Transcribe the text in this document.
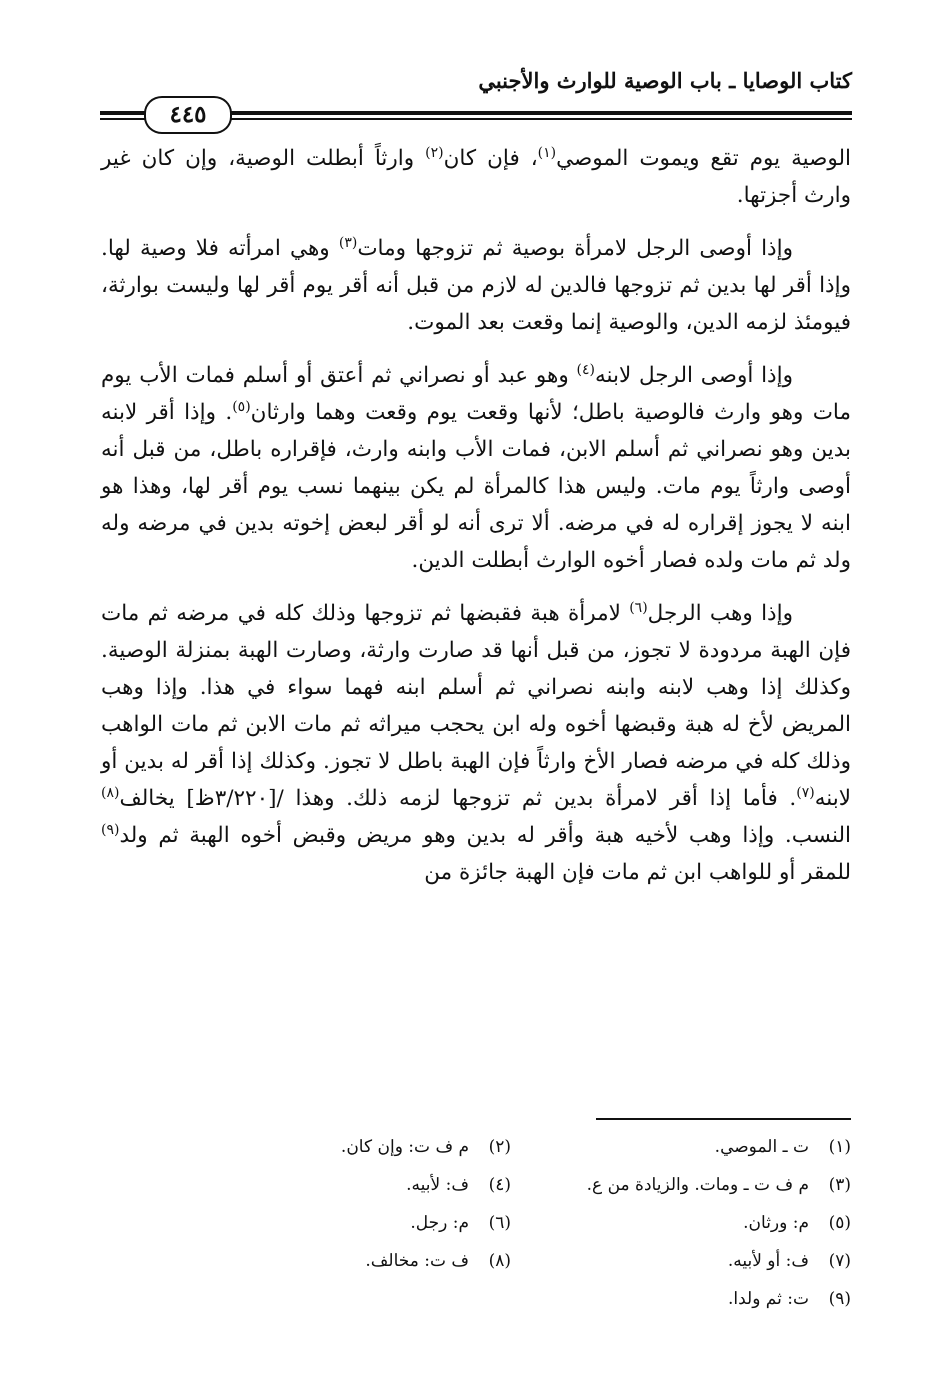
كتاب الوصايا ـ باب الوصية للوارث والأجنبي
٤٤٥

الوصية يوم تقع ويموت الموصي$^{(١)}$، فإن كان$^{(٢)}$ وارثاً أبطلت الوصية، وإن كان غير وارث أجزتها.

وإذا أوصى الرجل لامرأة بوصية ثم تزوجها ومات$^{(٣)}$ وهي امرأته فلا وصية لها. وإذا أقر لها بدين ثم تزوجها فالدين له لازم من قبل أنه أقر يوم أقر لها وليست بوارثة، فيومئذ لزمه الدين، والوصية إنما وقعت بعد الموت.

وإذا أوصى الرجل لابنه$^{(٤)}$ وهو عبد أو نصراني ثم أعتق أو أسلم فمات الأب يوم مات وهو وارث فالوصية باطل؛ لأنها وقعت يوم وقعت وهما وارثان$^{(٥)}$. وإذا أقر لابنه بدين وهو نصراني ثم أسلم الابن، فمات الأب وابنه وارث، فإقراره باطل، من قبل أنه أوصى وارثاً يوم مات. وليس هذا كالمرأة لم يكن بينهما نسب يوم أقر لها، وهذا هو ابنه لا يجوز إقراره له في مرضه. ألا ترى أنه لو أقر لبعض إخوته بدين في مرضه وله ولد ثم مات ولده فصار أخوه الوارث أبطلت الدين.

وإذا وهب الرجل$^{(٦)}$ لامرأة هبة فقبضها ثم تزوجها وذلك كله في مرضه ثم مات فإن الهبة مردودة لا تجوز، من قبل أنها قد صارت وارثة، وصارت الهبة بمنزلة الوصية. وكذلك إذا وهب لابنه وابنه نصراني ثم أسلم ابنه فهما سواء في هذا. وإذا وهب المريض لأخ له هبة وقبضها أخوه وله ابن يحجب ميراثه ثم مات الابن ثم مات الواهب وذلك كله في مرضه فصار الأخ وارثاً فإن الهبة باطل لا تجوز. وكذلك إذا أقر له بدين أو لابنه$^{(٧)}$. فأما إذا أقر لامرأة بدين ثم تزوجها لزمه ذلك. وهذا /[٣/٢٢٠ظ] يخالف$^{(٨)}$ النسب. وإذا وهب لأخيه هبة وأقر له بدين وهو مريض وقبض أخوه الهبة ثم ولد$^{(٩)}$ للمقر أو للواهب ابن ثم مات فإن الهبة جائزة من

(١)ت ـ الموصي.
(٢)م ف ت: وإن كان.
(٣)م ف ت ـ ومات. والزيادة من ع.
(٤)ف: لأبيه.
(٥)م: ورثان.
(٦)م: رجل.
(٧)ف: أو لأبيه.
(٨)ف ت: مخالف.
(٩)ت: ثم ولدا.
